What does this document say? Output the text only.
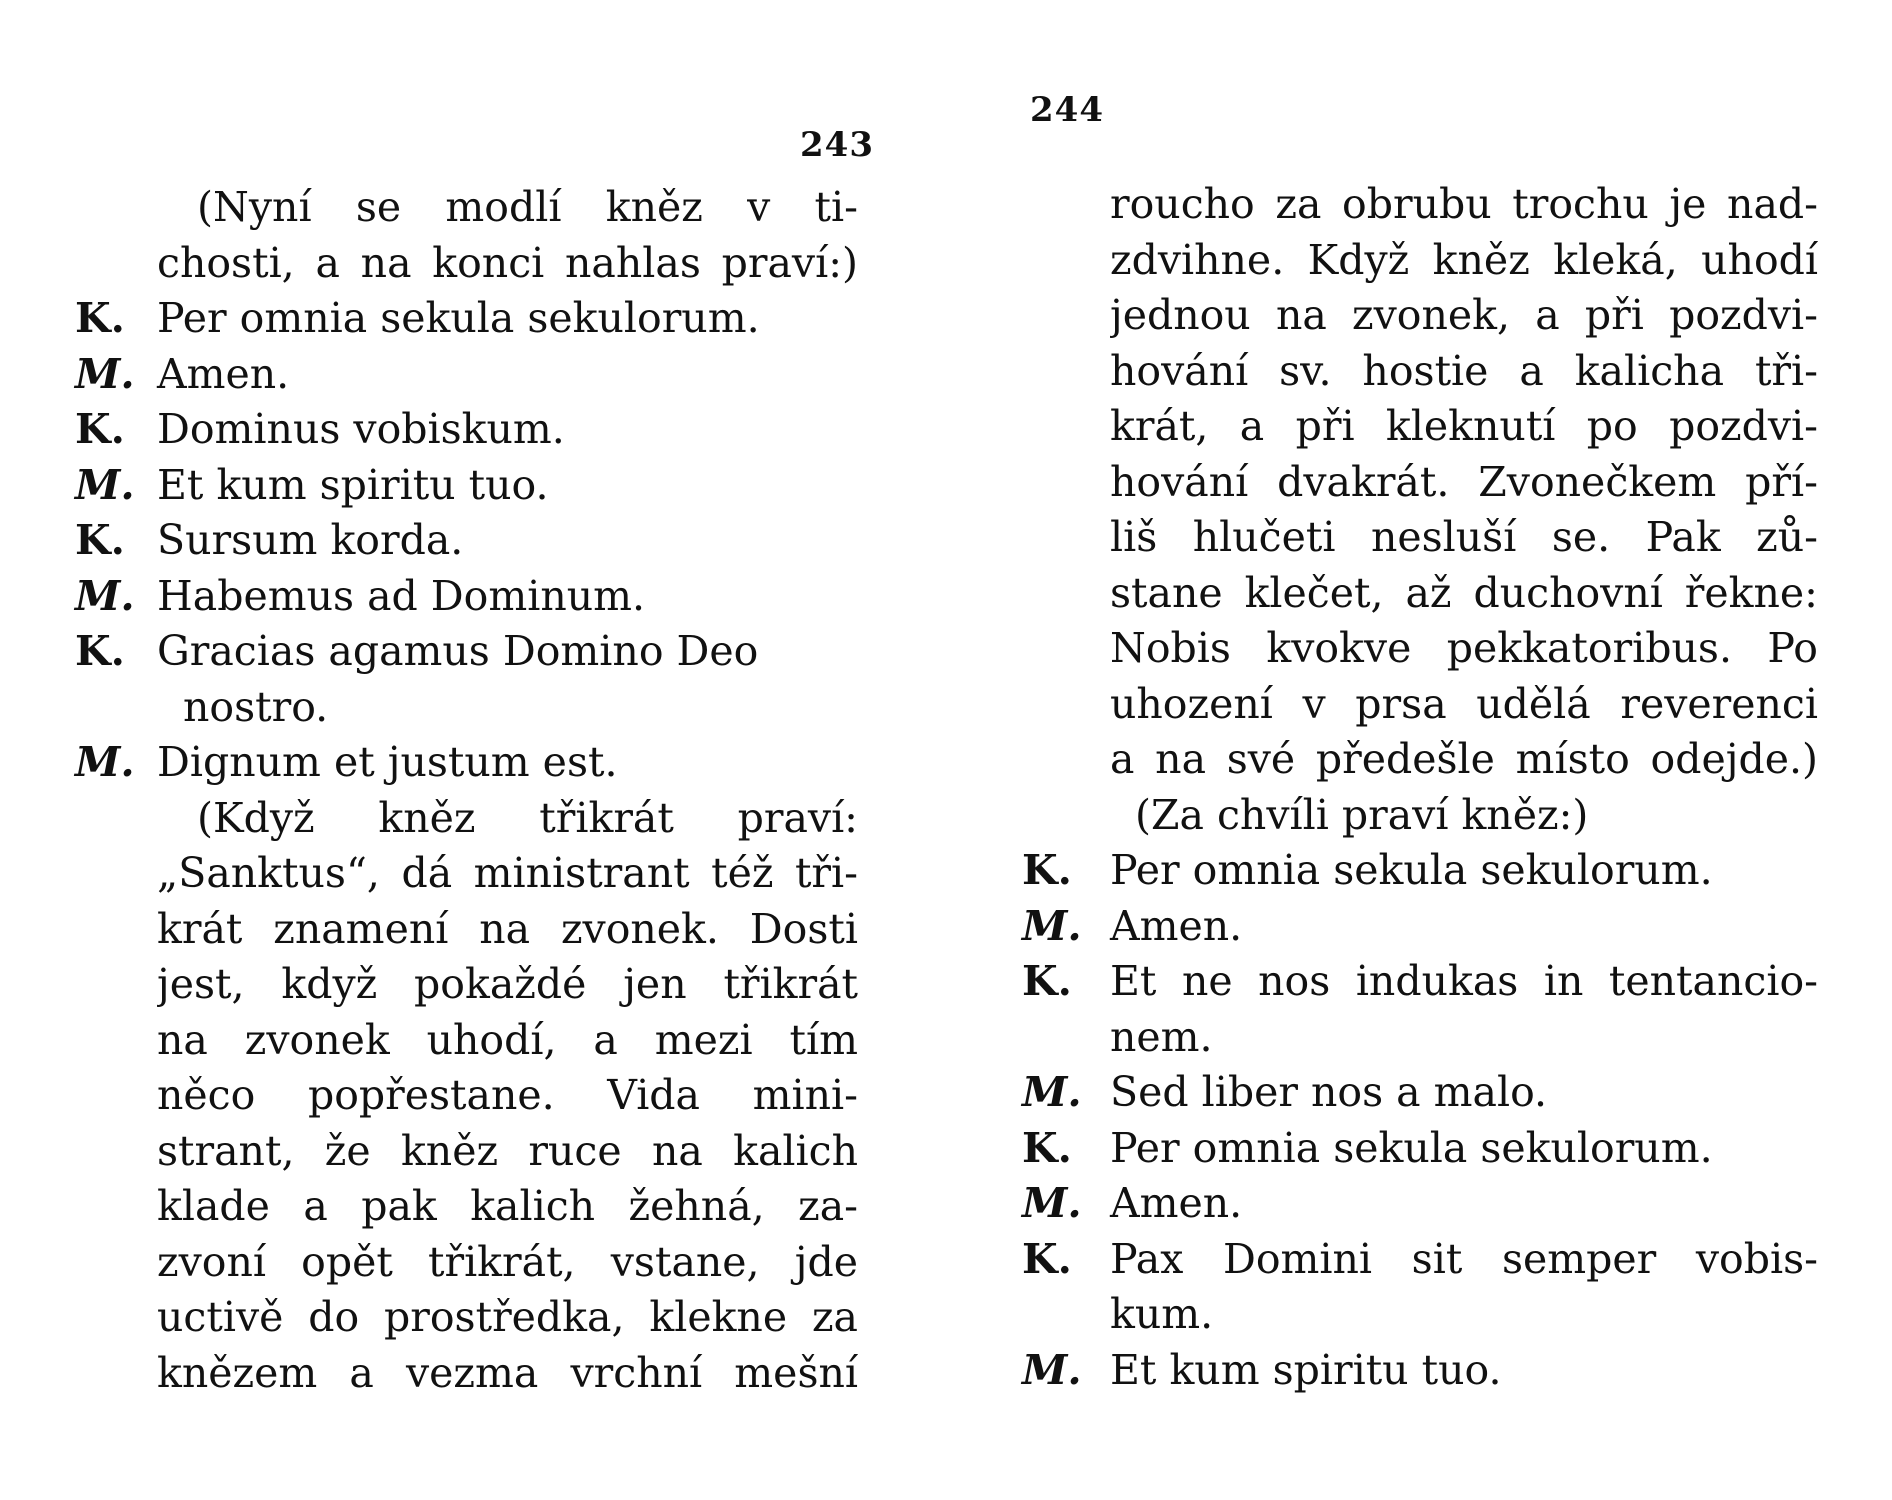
243
(Nyní se modlí kněz v ti-
chosti, a na konci nahlas praví:)
K. Per omnia sekula sekulorum.
M. Amen.
K. Dominus vobiskum.
M. Et kum spiritu tuo.
K. Sursum korda.
M. Habemus ad Dominum.
K. Gracias agamus Domino Deo
nostro.
M. Dignum et justum est.
(Když kněz třikrát praví:
„Sanktus“, dá ministrant též tři-
krát znamení na zvonek. Dosti
jest, když pokaždé jen třikrát
na zvonek uhodí, a mezi tím
něco popřestane. Vida mini-
strant, že kněz ruce na kalich
klade a pak kalich žehná, za-
zvoní opět třikrát, vstane, jde
uctivě do prostředka, klekne za
knězem a vezma vrchní mešní
244
roucho za obrubu trochu je nad-
zdvihne. Když kněz kleká, uhodí
jednou na zvonek, a při pozdvi-
hování sv. hostie a kalicha tři-
krát, a při kleknutí po pozdvi-
hování dvakrát. Zvonečkem pří-
liš hlučeti nesluší se. Pak zů-
stane klečet, až duchovní řekne:
Nobis kvokve pekkatoribus. Po
uhození v prsa udělá reverenci
a na své předešle místo odejde.)
(Za chvíli praví kněz:)
K. Per omnia sekula sekulorum.
M. Amen.
K. Et ne nos indukas in tentancio-
nem.
M. Sed liber nos a malo.
K. Per omnia sekula sekulorum.
M. Amen.
K. Pax Domini sit semper vobis-
kum.
M. Et kum spiritu tuo.
